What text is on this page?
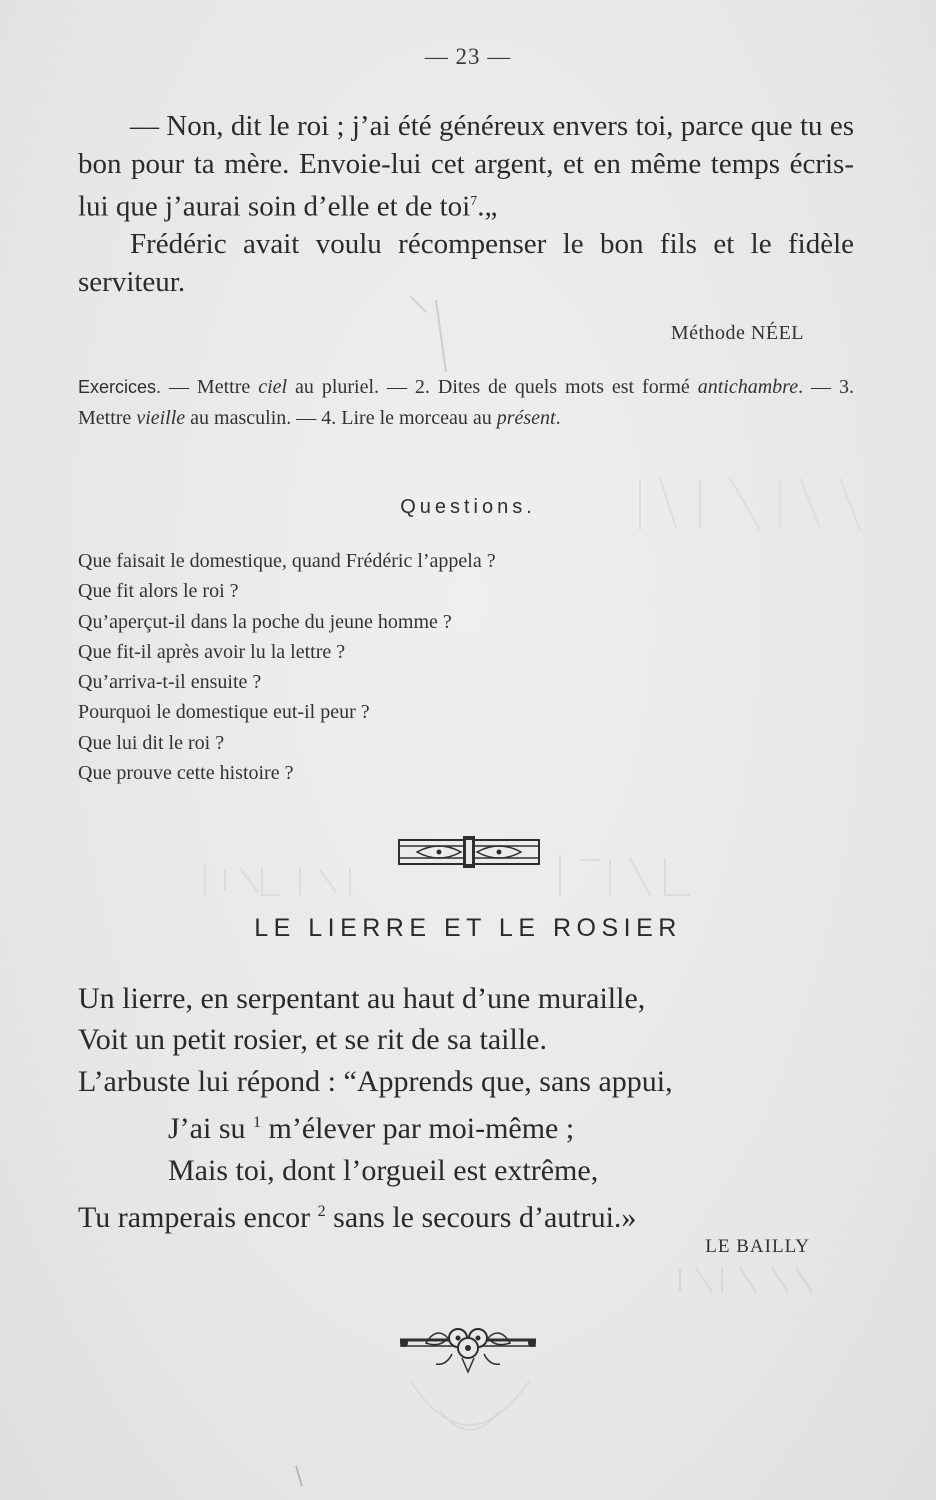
— 23 —

— Non, dit le roi ; j’ai été généreux envers toi, parce que tu es bon pour ta mère. Envoie-lui cet argent, et en même temps écris-lui que j’aurai soin d’elle et de toi$^7$.„

Frédéric avait voulu récompenser le bon fils et le fidèle serviteur.

Méthode NÉEL
Exercices. — Mettre ciel au pluriel. — 2. Dites de quels mots est formé antichambre. — 3. Mettre vieille au masculin. — 4. Lire le morceau au présent.
Questions.
Que faisait le domestique, quand Frédéric l’appela ?
Que fit alors le roi ?
Qu’aperçut-il dans la poche du jeune homme ?
Que fit-il après avoir lu la lettre ?
Qu’arriva-t-il ensuite ?
Pourquoi le domestique eut-il peur ?
Que lui dit le roi ?
Que prouve cette histoire ?
LE LIERRE ET LE ROSIER
Un lierre, en serpentant au haut d’une muraille,
Voit un petit rosier, et se rit de sa taille.
L’arbuste lui répond : “Apprends que, sans appui,
J’ai su $^1$ m’élever par moi-même ;
Mais toi, dont l’orgueil est extrême,
Tu ramperais encor $^2$ sans le secours d’autrui.»
LE BAILLY
